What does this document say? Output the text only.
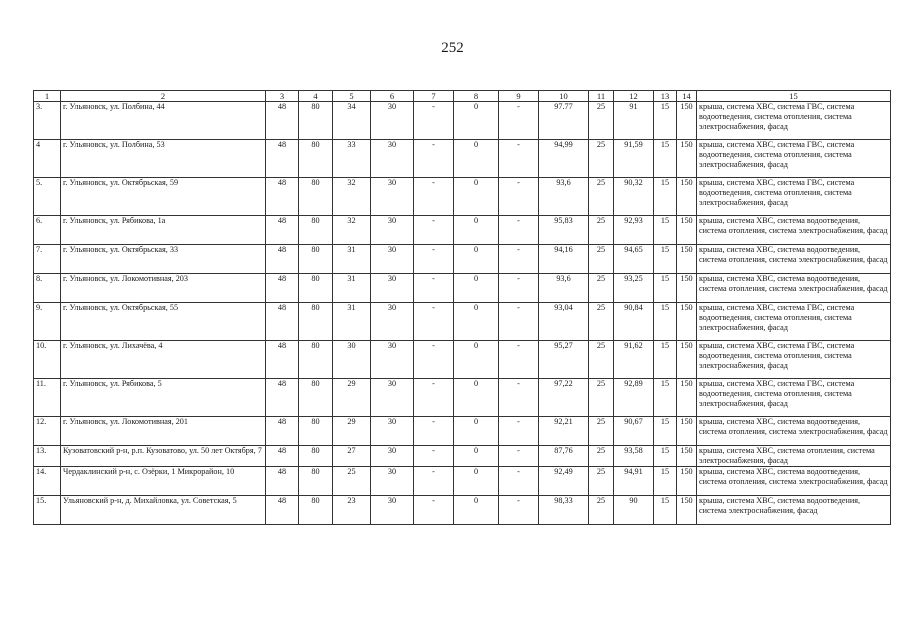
252
1	2	3	4	5	6	7	8	9	10	11	12	13	14	15
3.	г. Ульяновск, ул. Полбина, 44	48	80	34	30	-	0	-	97.77	25	91	15	150	крыша, система ХВС, система ГВС, система водоотведения, система отопления, система электроснабжения, фасад
4	г. Ульяновск, ул. Полбина, 53	48	80	33	30	-	0	-	94,99	25	91,59	15	150	крыша, система ХВС, система ГВС, система водоотведения, система отопления, система электроснабжения, фасад
5.	г. Ульяновск, ул. Октябрьская, 59	48	80	32	30	-	0	-	93,6	25	90,32	15	150	крыша, система ХВС, система ГВС, система водоотведения, система отопления, система электроснабжения, фасад
6.	г. Ульяновск, ул. Рябикова, 1а	48	80	32	30	-	0	-	95,83	25	92,93	15	150	крыша, система ХВС, система водоотведения, система отопления, система электроснабжения, фасад
7.	г. Ульяновск, ул. Октябрьская, 33	48	80	31	30	-	0	-	94,16	25	94,65	15	150	крыша, система ХВС, система водоотведения, система отопления, система электроснабжения, фасад
8.	г. Ульяновск, ул. Локомотивная, 203	48	80	31	30	-	0	-	93,6	25	93,25	15	150	крыша, система ХВС, система водоотведения, система отопления, система электроснабжения, фасад
9.	г. Ульяновск, ул. Октябрьская, 55	48	80	31	30	-	0	-	93,04	25	90,84	15	150	крыша, система ХВС, система ГВС, система водоотведения, система отопления, система электроснабжения, фасад
10.	г. Ульяновск, ул. Лихачёва, 4	48	80	30	30	-	0	-	95,27	25	91,62	15	150	крыша, система ХВС, система ГВС, система водоотведения, система отопления, система электроснабжения, фасад
11.	г. Ульяновск, ул. Рябикова, 5	48	80	29	30	-	0	-	97,22	25	92,89	15	150	крыша, система ХВС, система ГВС, система водоотведения, система отопления, система электроснабжения, фасад
12.	г. Ульяновск, ул. Локомотивная, 201	48	80	29	30	-	0	-	92,21	25	90,67	15	150	крыша, система ХВС, система водоотведения, система отопления, система электроснабжения, фасад
13.	Кузоватовский р-н, р.п. Кузоватово, ул. 50 лет Октября, 7	48	80	27	30	-	0	-	87,76	25	93,58	15	150	крыша, система ХВС, система отопления, система электроснабжения, фасад
14.	Чердаклинский р-н, с. Озёрки, 1 Микрорайон, 10	48	80	25	30	-	0	-	92,49	25	94,91	15	150	крыша, система ХВС, система водоотведения, система отопления, система электроснабжения, фасад
15.	Ульяновский р-н, д. Михайловка, ул. Советская, 5	48	80	23	30	-	0	-	98,33	25	90	15	150	крыша, система ХВС, система водоотведения, система электроснабжения, фасад
